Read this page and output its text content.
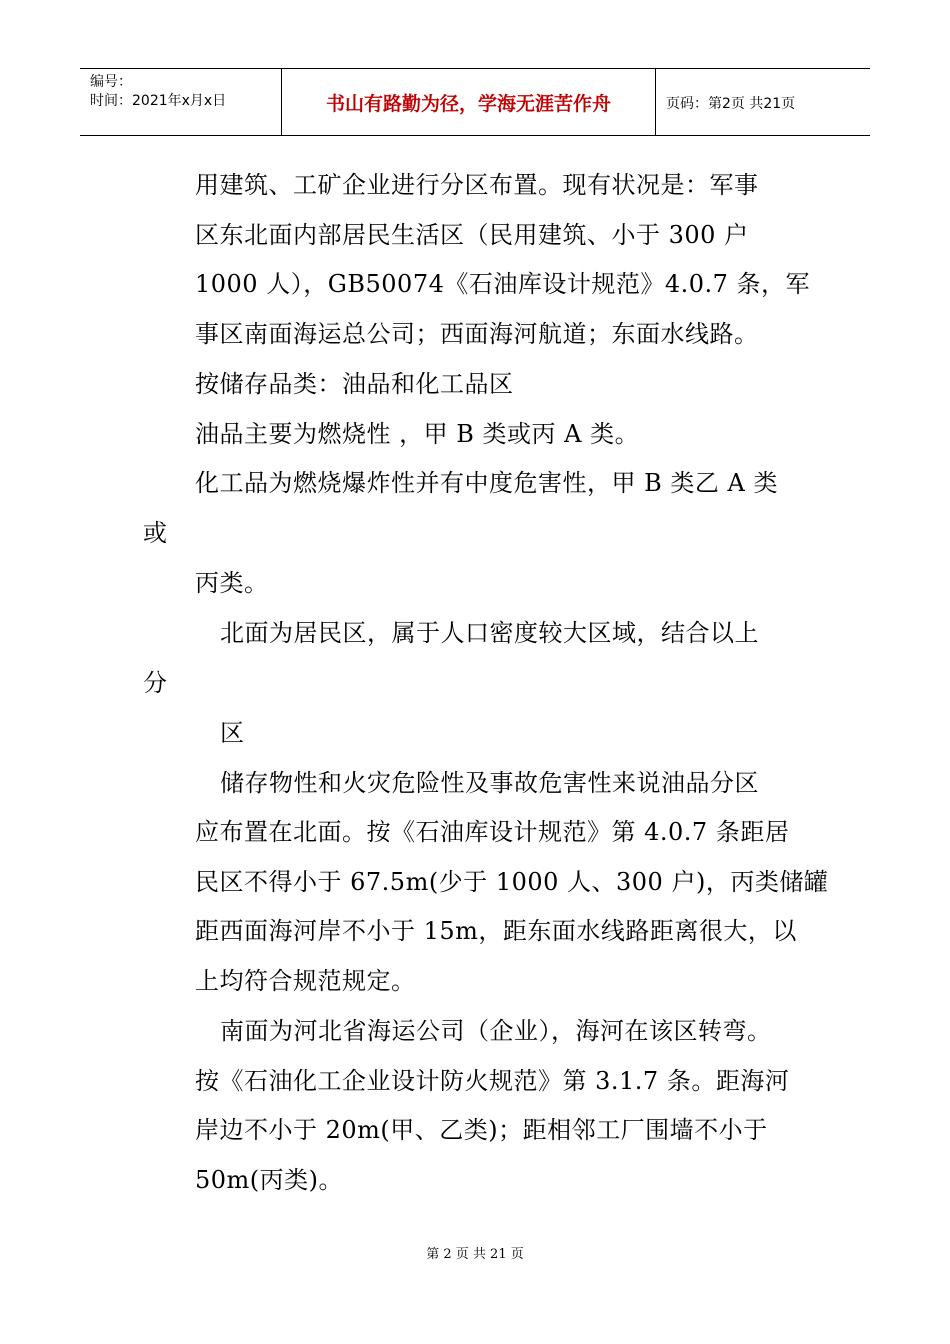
编号：
时间：2021年x月x日	书山有路勤为径，学海无涯苦作舟	页码：第2页 共21页
用建筑、工矿企业进行分区布置。现有状况是：军事
区东北面内部居民生活区（民用建筑、小于 300 户
1000 人），GB50074《石油库设计规范》4.0.7 条，军
事区南面海运总公司；西面海河航道；东面水线路。
按储存品类：油品和化工品区
油品主要为燃烧性 ，甲 B 类或丙 A 类。
化工品为燃烧爆炸性并有中度危害性，甲 B 类乙 A 类
或
丙类。
北面为居民区，属于人口密度较大区域，结合以上
分
区
储存物性和火灾危险性及事故危害性来说油品分区
应布置在北面。按《石油库设计规范》第 4.0.7 条距居
民区不得小于 67.5m(少于 1000 人、300 户)，丙类储罐
距西面海河岸不小于 15m，距东面水线路距离很大，以
上均符合规范规定。
南面为河北省海运公司（企业），海河在该区转弯。
按《石油化工企业设计防火规范》第 3.1.7 条。距海河
岸边不小于 20m(甲、乙类)；距相邻工厂围墙不小于
50m(丙类)。
第 2 页 共 21 页
